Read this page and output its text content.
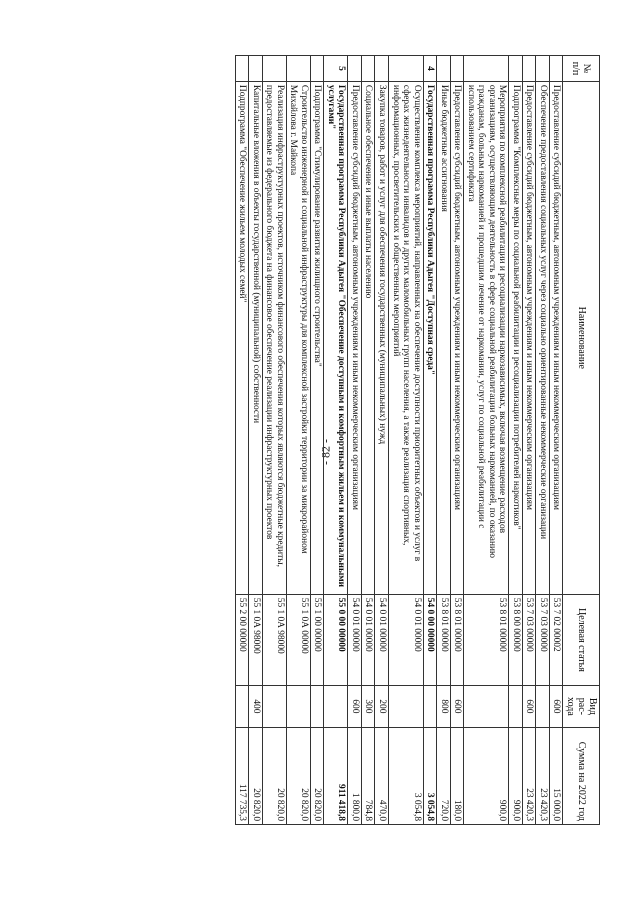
- 82 -
№ п/п	Наименование	Целевая статья	Вид рас- хода	Сумма на 2022 год
	Предоставление субсидий бюджетным, автономным учреждениям и иным некоммерческим организациям	53 7 02 00002	600	15 000,0
	Обеспечение предоставления социальных услуг через социально ориентированные некоммерческие организации	53 7 03 00000		23 420,3
	Предоставление субсидий бюджетным, автономным учреждениям и иным некоммерческим организациям	53 7 03 00000	600	23 420,3
	Подпрограмма "Комплексные меры по социальной реабилитации и ресоциализации потребителей наркотиков"	53 8 00 00000		900,0
	Мероприятия по комплексной реабилитации и ресоциализации наркозависимых, включая возмещение расходов организациям, осуществляющим деятельность в сфере социальной реабилитации больных наркоманией, по оказанию гражданам, больным наркоманией и прошедшим лечение от наркомании, услуг по социальной реабилитации с использованием сертификата	53 8 01 00000		900,0
	Предоставление субсидий бюджетным, автономным учреждениям и иным некоммерческим организациям	53 8 01 00000	600	180,0
	Иные бюджетные ассигнования	53 8 01 00000	800	720,0
4	Государственная программа Республики Адыгея "Доступная среда"	54 0 00 00000		3 054,8
	Осуществление комплекса мероприятий, направленных на обеспечение доступности приоритетных объектов и услуг в сферах жизнедеятельности инвалидов и других маломобильных групп населения, а также реализация спортивных, информационных, просветительских и общественных мероприятий	54 0 01 00000		3 054,8
	Закупка товаров, работ и услуг для обеспечения государственных (муниципальных) нужд	54 0 01 00000	200	470,0
	Социальное обеспечение и иные выплаты населению	54 0 01 00000	300	784,8
	Предоставление субсидий бюджетным, автономным учреждениям и иным некоммерческим организациям	54 0 01 00000	600	1 800,0
5	Государственная программа Республики Адыгея "Обеспечение доступным и комфортным жильем и коммунальными услугами"	55 0 00 00000		911 418,8
	Подпрограмма "Стимулирование развития жилищного строительства"	55 1 00 00000		20 820,0
	Строительство инженерной и социальной инфраструктуры для комплексной застройки территории за микрорайоном Михайлова г. Майкопа	55 1 0А 00000		20 820,0
	Реализация инфраструктурных проектов, источником финансового обеспечения которых являются бюджетные кредиты, предоставляемые из федерального бюджета на финансовое обеспечение реализации инфраструктурных проектов	55 1 0А 98000		20 820,0
	Капитальные вложения в объекты государственной (муниципальной) собственности	55 1 0А 98000	400	20 820,0
	Подпрограмма "Обеспечение жильем молодых семей"	55 2 00 00000		117 735,3
